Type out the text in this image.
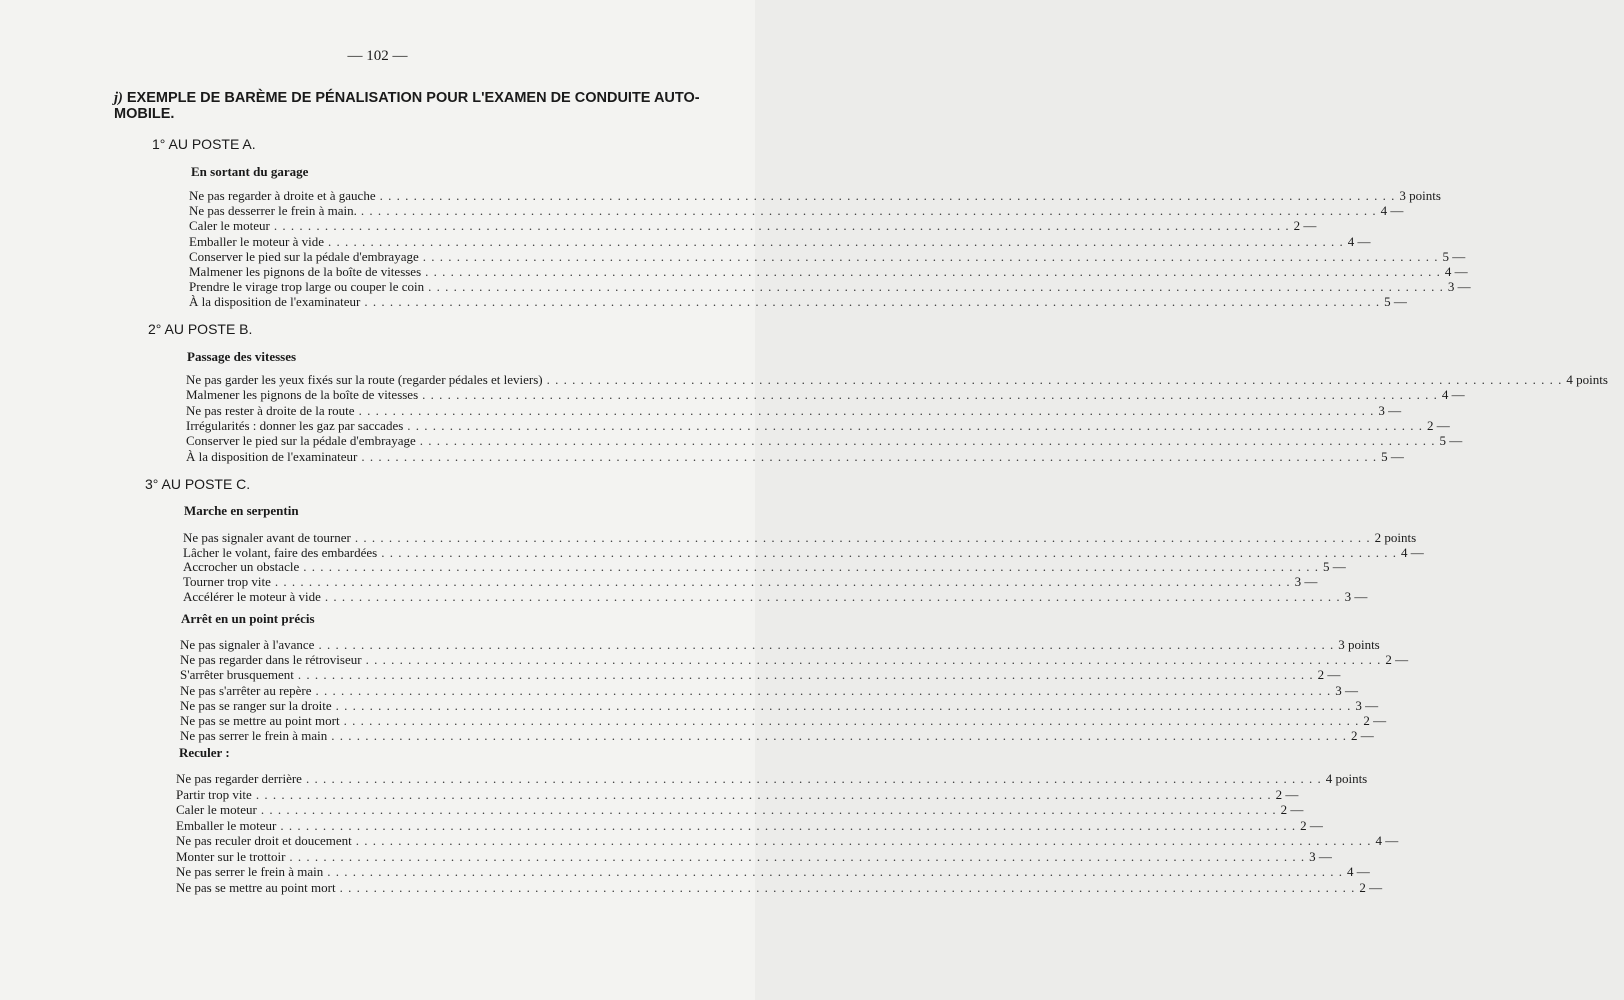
— 102 —
j) EXEMPLE DE BARÈME DE PÉNALISATION POUR L'EXAMEN DE CONDUITE AUTO-
MOBILE.
1° AU POSTE A.
En sortant du garage
Ne pas regarder à droite et à gauche . . . . . . . . . . . . . . . . . . . . . . . . . . . . . . . . . . . . . . . . . . . . . . . . . . . . . . . . . . . . . . . . . . . . . . . . . . . . . . . . . . . . . . . . . . . . . . . . . . . . . . . . . . . . . . . . . . . . . . . . 3 points
Ne pas desserrer le frein à main. . . . . . . . . . . . . . . . . . . . . . . . . . . . . . . . . . . . . . . . . . . . . . . . . . . . . . . . . . . . . . . . . . . . . . . . . . . . . . . . . . . . . . . . . . . . . . . . . . . . . . . . . . . . . . . . . . . . . . . . . 4 —
Caler le moteur . . . . . . . . . . . . . . . . . . . . . . . . . . . . . . . . . . . . . . . . . . . . . . . . . . . . . . . . . . . . . . . . . . . . . . . . . . . . . . . . . . . . . . . . . . . . . . . . . . . . . . . . . . . . . . . . . . . . . . . . 2 —
Emballer le moteur à vide . . . . . . . . . . . . . . . . . . . . . . . . . . . . . . . . . . . . . . . . . . . . . . . . . . . . . . . . . . . . . . . . . . . . . . . . . . . . . . . . . . . . . . . . . . . . . . . . . . . . . . . . . . . . . . . . . . . . . . . . 4 —
Conserver le pied sur la pédale d'embrayage . . . . . . . . . . . . . . . . . . . . . . . . . . . . . . . . . . . . . . . . . . . . . . . . . . . . . . . . . . . . . . . . . . . . . . . . . . . . . . . . . . . . . . . . . . . . . . . . . . . . . . . . . . . . . . . . . . . . . . . . 5 —
Malmener les pignons de la boîte de vitesses . . . . . . . . . . . . . . . . . . . . . . . . . . . . . . . . . . . . . . . . . . . . . . . . . . . . . . . . . . . . . . . . . . . . . . . . . . . . . . . . . . . . . . . . . . . . . . . . . . . . . . . . . . . . . . . . . . . . . . . . 4 —
Prendre le virage trop large ou couper le coin . . . . . . . . . . . . . . . . . . . . . . . . . . . . . . . . . . . . . . . . . . . . . . . . . . . . . . . . . . . . . . . . . . . . . . . . . . . . . . . . . . . . . . . . . . . . . . . . . . . . . . . . . . . . . . . . . . . . . . . . 3 —
À la disposition de l'examinateur . . . . . . . . . . . . . . . . . . . . . . . . . . . . . . . . . . . . . . . . . . . . . . . . . . . . . . . . . . . . . . . . . . . . . . . . . . . . . . . . . . . . . . . . . . . . . . . . . . . . . . . . . . . . . . . . . . . . . . . . 5 —
2° AU POSTE B.
Passage des vitesses
Ne pas garder les yeux fixés sur la route (regarder pédales et leviers) . . . . . . . . . . . . . . . . . . . . . . . . . . . . . . . . . . . . . . . . . . . . . . . . . . . . . . . . . . . . . . . . . . . . . . . . . . . . . . . . . . . . . . . . . . . . . . . . . . . . . . . . . . . . . . . . . . . . . . . . 4 points
Malmener les pignons de la boîte de vitesses . . . . . . . . . . . . . . . . . . . . . . . . . . . . . . . . . . . . . . . . . . . . . . . . . . . . . . . . . . . . . . . . . . . . . . . . . . . . . . . . . . . . . . . . . . . . . . . . . . . . . . . . . . . . . . . . . . . . . . . . 4 —
Ne pas rester à droite de la route . . . . . . . . . . . . . . . . . . . . . . . . . . . . . . . . . . . . . . . . . . . . . . . . . . . . . . . . . . . . . . . . . . . . . . . . . . . . . . . . . . . . . . . . . . . . . . . . . . . . . . . . . . . . . . . . . . . . . . . . 3 —
Irrégularités : donner les gaz par saccades . . . . . . . . . . . . . . . . . . . . . . . . . . . . . . . . . . . . . . . . . . . . . . . . . . . . . . . . . . . . . . . . . . . . . . . . . . . . . . . . . . . . . . . . . . . . . . . . . . . . . . . . . . . . . . . . . . . . . . . . 2 —
Conserver le pied sur la pédale d'embrayage . . . . . . . . . . . . . . . . . . . . . . . . . . . . . . . . . . . . . . . . . . . . . . . . . . . . . . . . . . . . . . . . . . . . . . . . . . . . . . . . . . . . . . . . . . . . . . . . . . . . . . . . . . . . . . . . . . . . . . . . 5 —
À la disposition de l'examinateur . . . . . . . . . . . . . . . . . . . . . . . . . . . . . . . . . . . . . . . . . . . . . . . . . . . . . . . . . . . . . . . . . . . . . . . . . . . . . . . . . . . . . . . . . . . . . . . . . . . . . . . . . . . . . . . . . . . . . . . . 5 —
3° AU POSTE C.
Marche en serpentin
Ne pas signaler avant de tourner . . . . . . . . . . . . . . . . . . . . . . . . . . . . . . . . . . . . . . . . . . . . . . . . . . . . . . . . . . . . . . . . . . . . . . . . . . . . . . . . . . . . . . . . . . . . . . . . . . . . . . . . . . . . . . . . . . . . . . . . 2 points
Lâcher le volant, faire des embardées . . . . . . . . . . . . . . . . . . . . . . . . . . . . . . . . . . . . . . . . . . . . . . . . . . . . . . . . . . . . . . . . . . . . . . . . . . . . . . . . . . . . . . . . . . . . . . . . . . . . . . . . . . . . . . . . . . . . . . . . 4 —
Accrocher un obstacle . . . . . . . . . . . . . . . . . . . . . . . . . . . . . . . . . . . . . . . . . . . . . . . . . . . . . . . . . . . . . . . . . . . . . . . . . . . . . . . . . . . . . . . . . . . . . . . . . . . . . . . . . . . . . . . . . . . . . . . . 5 —
Tourner trop vite . . . . . . . . . . . . . . . . . . . . . . . . . . . . . . . . . . . . . . . . . . . . . . . . . . . . . . . . . . . . . . . . . . . . . . . . . . . . . . . . . . . . . . . . . . . . . . . . . . . . . . . . . . . . . . . . . . . . . . . . 3 —
Accélérer le moteur à vide . . . . . . . . . . . . . . . . . . . . . . . . . . . . . . . . . . . . . . . . . . . . . . . . . . . . . . . . . . . . . . . . . . . . . . . . . . . . . . . . . . . . . . . . . . . . . . . . . . . . . . . . . . . . . . . . . . . . . . . . 3 —
Arrêt en un point précis
Ne pas signaler à l'avance . . . . . . . . . . . . . . . . . . . . . . . . . . . . . . . . . . . . . . . . . . . . . . . . . . . . . . . . . . . . . . . . . . . . . . . . . . . . . . . . . . . . . . . . . . . . . . . . . . . . . . . . . . . . . . . . . . . . . . . . 3 points
Ne pas regarder dans le rétroviseur . . . . . . . . . . . . . . . . . . . . . . . . . . . . . . . . . . . . . . . . . . . . . . . . . . . . . . . . . . . . . . . . . . . . . . . . . . . . . . . . . . . . . . . . . . . . . . . . . . . . . . . . . . . . . . . . . . . . . . . . 2 —
S'arrêter brusquement . . . . . . . . . . . . . . . . . . . . . . . . . . . . . . . . . . . . . . . . . . . . . . . . . . . . . . . . . . . . . . . . . . . . . . . . . . . . . . . . . . . . . . . . . . . . . . . . . . . . . . . . . . . . . . . . . . . . . . . . 2 —
Ne pas s'arrêter au repère . . . . . . . . . . . . . . . . . . . . . . . . . . . . . . . . . . . . . . . . . . . . . . . . . . . . . . . . . . . . . . . . . . . . . . . . . . . . . . . . . . . . . . . . . . . . . . . . . . . . . . . . . . . . . . . . . . . . . . . . 3 —
Ne pas se ranger sur la droite . . . . . . . . . . . . . . . . . . . . . . . . . . . . . . . . . . . . . . . . . . . . . . . . . . . . . . . . . . . . . . . . . . . . . . . . . . . . . . . . . . . . . . . . . . . . . . . . . . . . . . . . . . . . . . . . . . . . . . . . 3 —
Ne pas se mettre au point mort . . . . . . . . . . . . . . . . . . . . . . . . . . . . . . . . . . . . . . . . . . . . . . . . . . . . . . . . . . . . . . . . . . . . . . . . . . . . . . . . . . . . . . . . . . . . . . . . . . . . . . . . . . . . . . . . . . . . . . . . 2 —
Ne pas serrer le frein à main . . . . . . . . . . . . . . . . . . . . . . . . . . . . . . . . . . . . . . . . . . . . . . . . . . . . . . . . . . . . . . . . . . . . . . . . . . . . . . . . . . . . . . . . . . . . . . . . . . . . . . . . . . . . . . . . . . . . . . . . 2 —
Reculer :
Ne pas regarder derrière . . . . . . . . . . . . . . . . . . . . . . . . . . . . . . . . . . . . . . . . . . . . . . . . . . . . . . . . . . . . . . . . . . . . . . . . . . . . . . . . . . . . . . . . . . . . . . . . . . . . . . . . . . . . . . . . . . . . . . . . 4 points
Partir trop vite . . . . . . . . . . . . . . . . . . . . . . . . . . . . . . . . . . . . . . . . . . . . . . . . . . . . . . . . . . . . . . . . . . . . . . . . . . . . . . . . . . . . . . . . . . . . . . . . . . . . . . . . . . . . . . . . . . . . . . . . 2 —
Caler le moteur . . . . . . . . . . . . . . . . . . . . . . . . . . . . . . . . . . . . . . . . . . . . . . . . . . . . . . . . . . . . . . . . . . . . . . . . . . . . . . . . . . . . . . . . . . . . . . . . . . . . . . . . . . . . . . . . . . . . . . . . 2 —
Emballer le moteur . . . . . . . . . . . . . . . . . . . . . . . . . . . . . . . . . . . . . . . . . . . . . . . . . . . . . . . . . . . . . . . . . . . . . . . . . . . . . . . . . . . . . . . . . . . . . . . . . . . . . . . . . . . . . . . . . . . . . . . . 2 —
Ne pas reculer droit et doucement . . . . . . . . . . . . . . . . . . . . . . . . . . . . . . . . . . . . . . . . . . . . . . . . . . . . . . . . . . . . . . . . . . . . . . . . . . . . . . . . . . . . . . . . . . . . . . . . . . . . . . . . . . . . . . . . . . . . . . . . 4 —
Monter sur le trottoir . . . . . . . . . . . . . . . . . . . . . . . . . . . . . . . . . . . . . . . . . . . . . . . . . . . . . . . . . . . . . . . . . . . . . . . . . . . . . . . . . . . . . . . . . . . . . . . . . . . . . . . . . . . . . . . . . . . . . . . . 3 —
Ne pas serrer le frein à main . . . . . . . . . . . . . . . . . . . . . . . . . . . . . . . . . . . . . . . . . . . . . . . . . . . . . . . . . . . . . . . . . . . . . . . . . . . . . . . . . . . . . . . . . . . . . . . . . . . . . . . . . . . . . . . . . . . . . . . . 4 —
Ne pas se mettre au point mort . . . . . . . . . . . . . . . . . . . . . . . . . . . . . . . . . . . . . . . . . . . . . . . . . . . . . . . . . . . . . . . . . . . . . . . . . . . . . . . . . . . . . . . . . . . . . . . . . . . . . . . . . . . . . . . . . . . . . . . . 2 —
